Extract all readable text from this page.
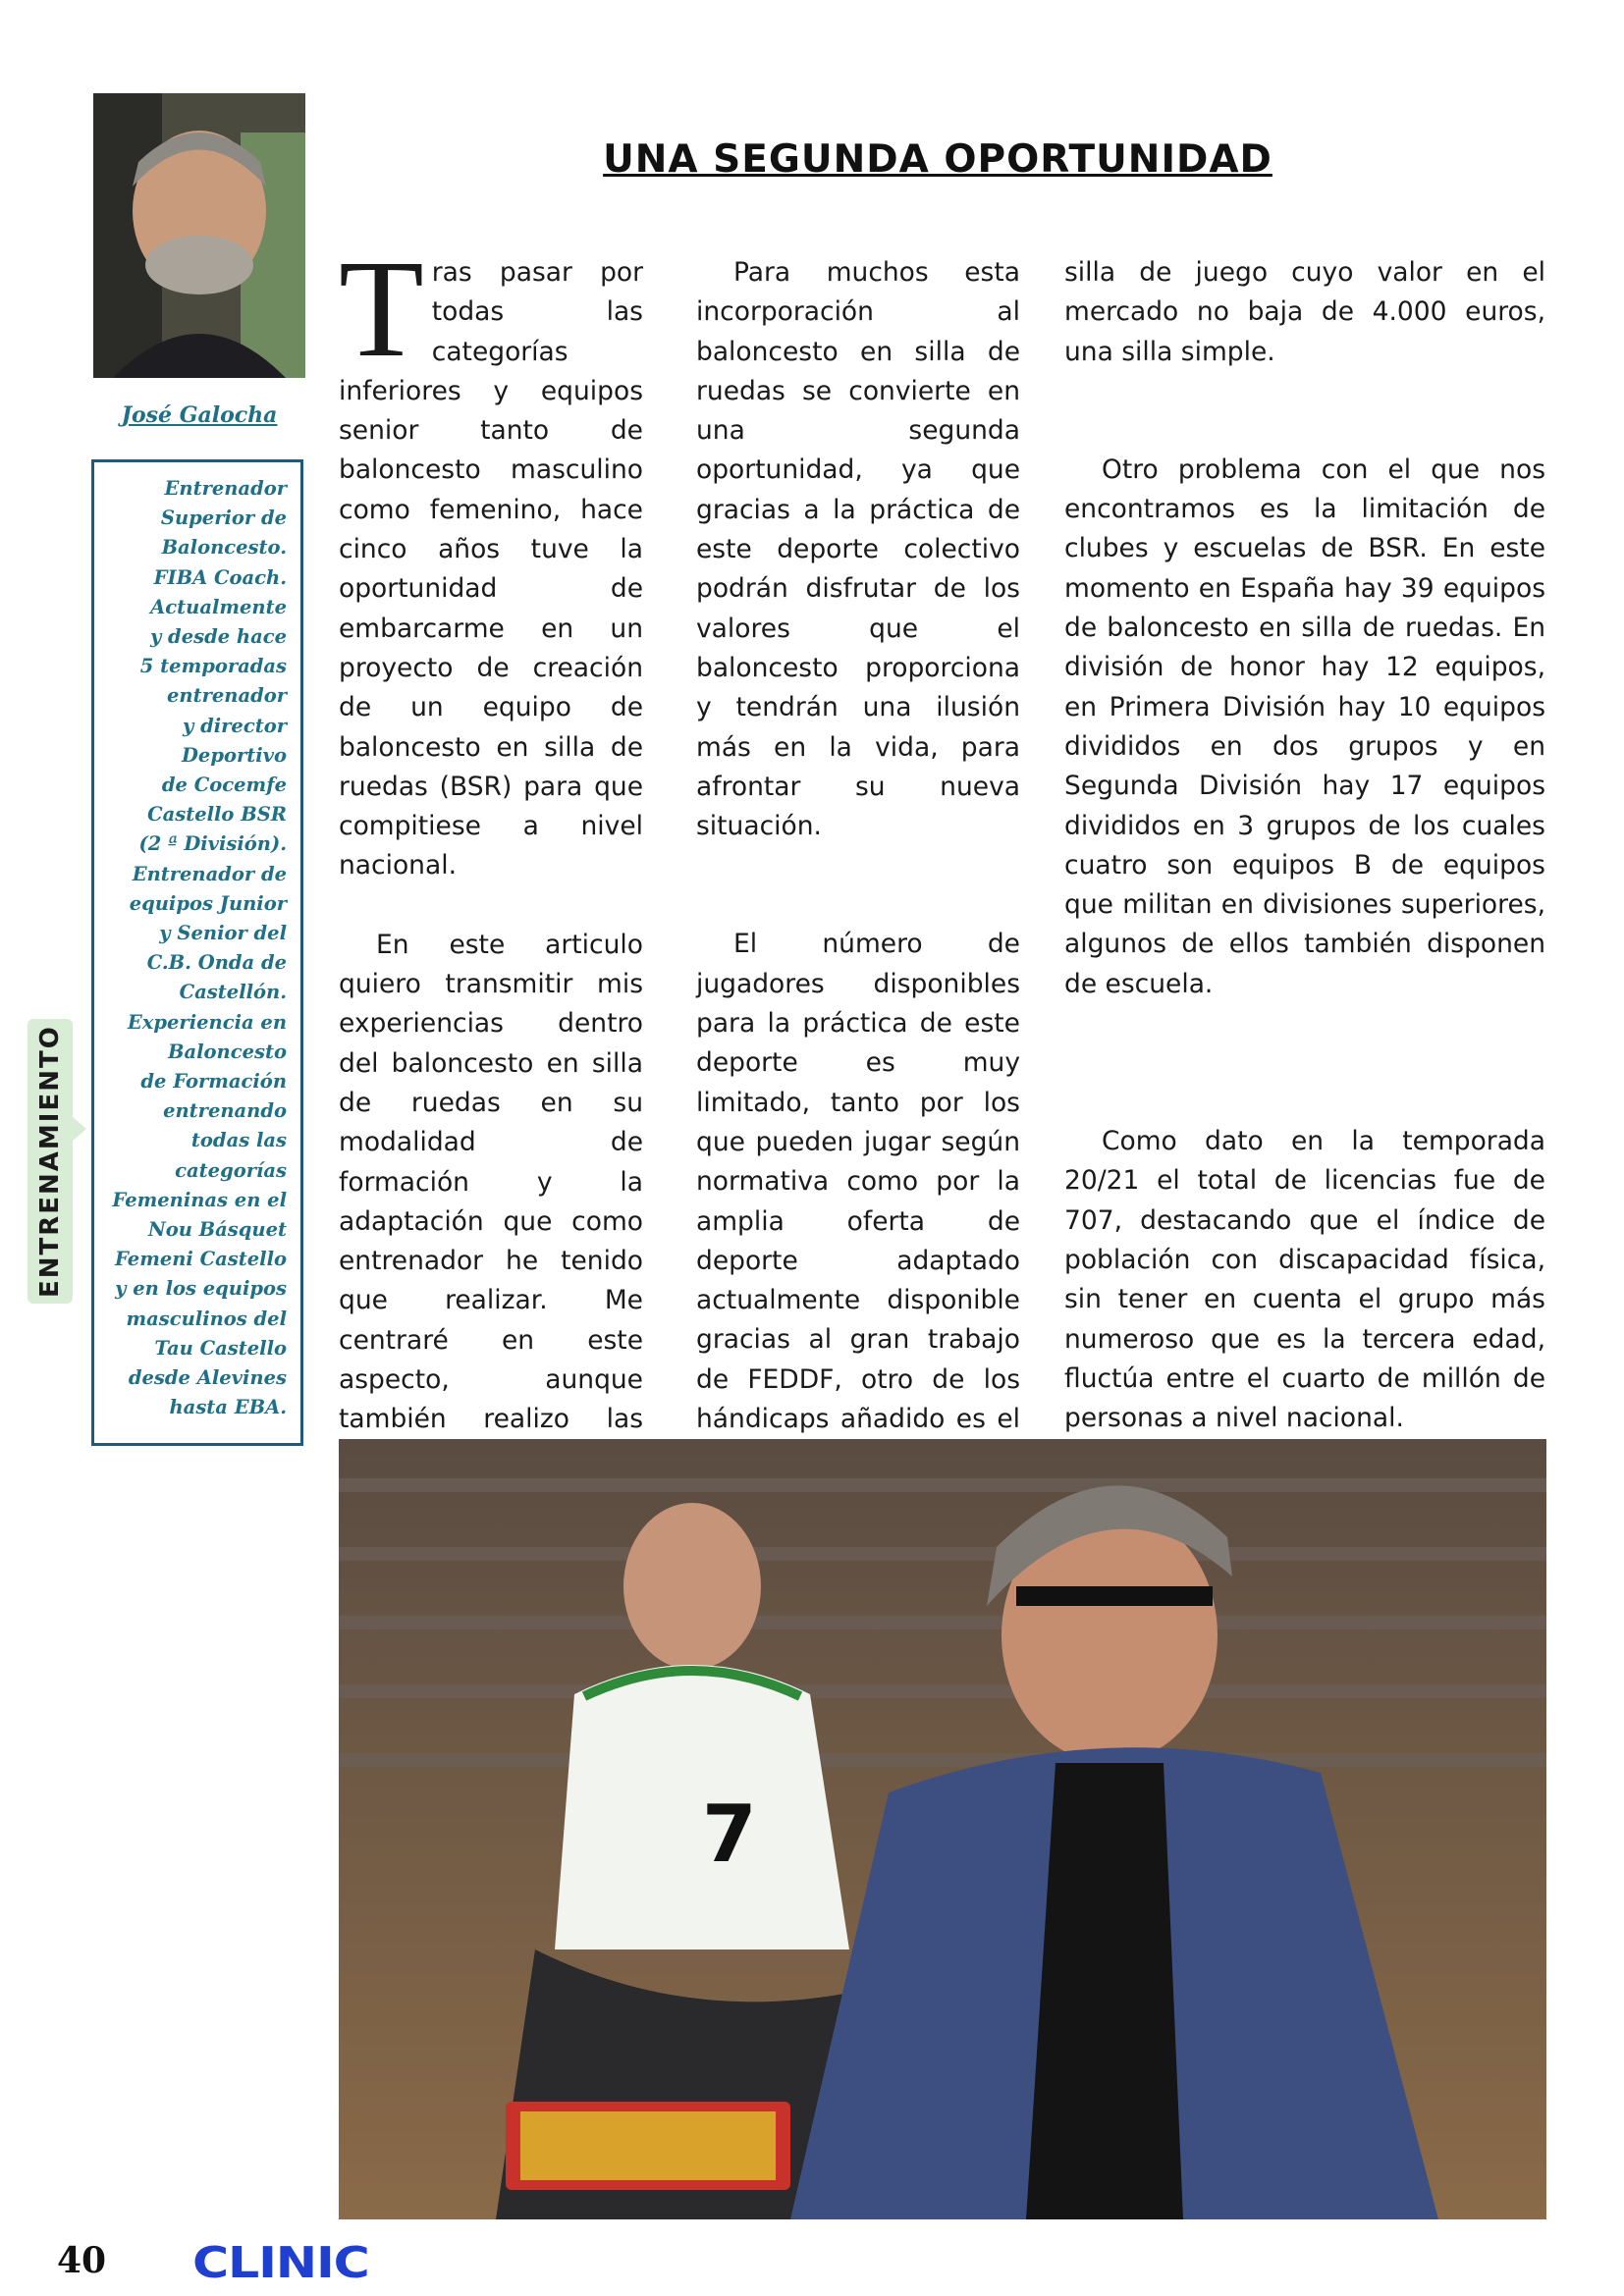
José Galocha
Entrenador
Superior de
Baloncesto.
FIBA Coach.
Actualmente
y desde hace
5 temporadas
entrenador
y director
Deportivo
de Cocemfe
Castello BSR
(2 ª División).
Entrenador de
equipos Junior
y Senior del
C.B. Onda de
Castellón.
Experiencia en
Baloncesto
de Formación
entrenando
todas las
categorías
Femeninas en el
Nou Básquet
Femeni Castello
y en los equipos
masculinos del
Tau Castello
desde Alevines
hasta EBA.
ENTRENAMIENTO
UNA SEGUNDA OPORTUNIDAD

Tras pasar por todas las categorías inferiores y equipos senior tanto de baloncesto masculino como femenino, hace cinco años tuve la oportunidad de embarcarme en un proyecto de creación de un equipo de baloncesto en silla de ruedas (BSR) para que compitiese a nivel nacional.

En este articulo quiero transmitir mis experiencias dentro del baloncesto en silla de ruedas en su modalidad de formación y la adaptación que como entrenador he tenido que realizar. Me centraré en este aspecto, aunque también realizo las

Para muchos esta incorporación al baloncesto en silla de ruedas se convierte en una segunda oportunidad, ya que gracias a la práctica de este deporte colectivo podrán disfrutar de los valores que el baloncesto proporciona y tendrán una ilusión más en la vida, para afrontar su nueva situación.

El número de jugadores disponibles para la práctica de este deporte es muy limitado, tanto por los que pueden jugar según normativa como por la amplia oferta de deporte adaptado actualmente disponible gracias al gran trabajo de FEDDF, otro de los hándicaps añadido es el

silla de juego cuyo valor en el mercado no baja de 4.000 euros, una silla simple.

Otro problema con el que nos encontramos es la limitación de clubes y escuelas de BSR. En este momento en España hay 39 equipos de baloncesto en silla de ruedas. En división de honor hay 12 equipos, en Primera División hay 10 equipos divididos en dos grupos y en Segunda División hay 17 equipos divididos en 3 grupos de los cuales cuatro son equipos B de equipos que militan en divisiones superiores, algunos de ellos también disponen de escuela.

Como dato en la temporada 20/21 el total de licencias fue de 707, destacando que el índice de población con discapacidad física, sin tener en cuenta el grupo más numeroso que es la tercera edad, fluctúa entre el cuarto de millón de personas a nivel nacional.

7
40 CLINIC
